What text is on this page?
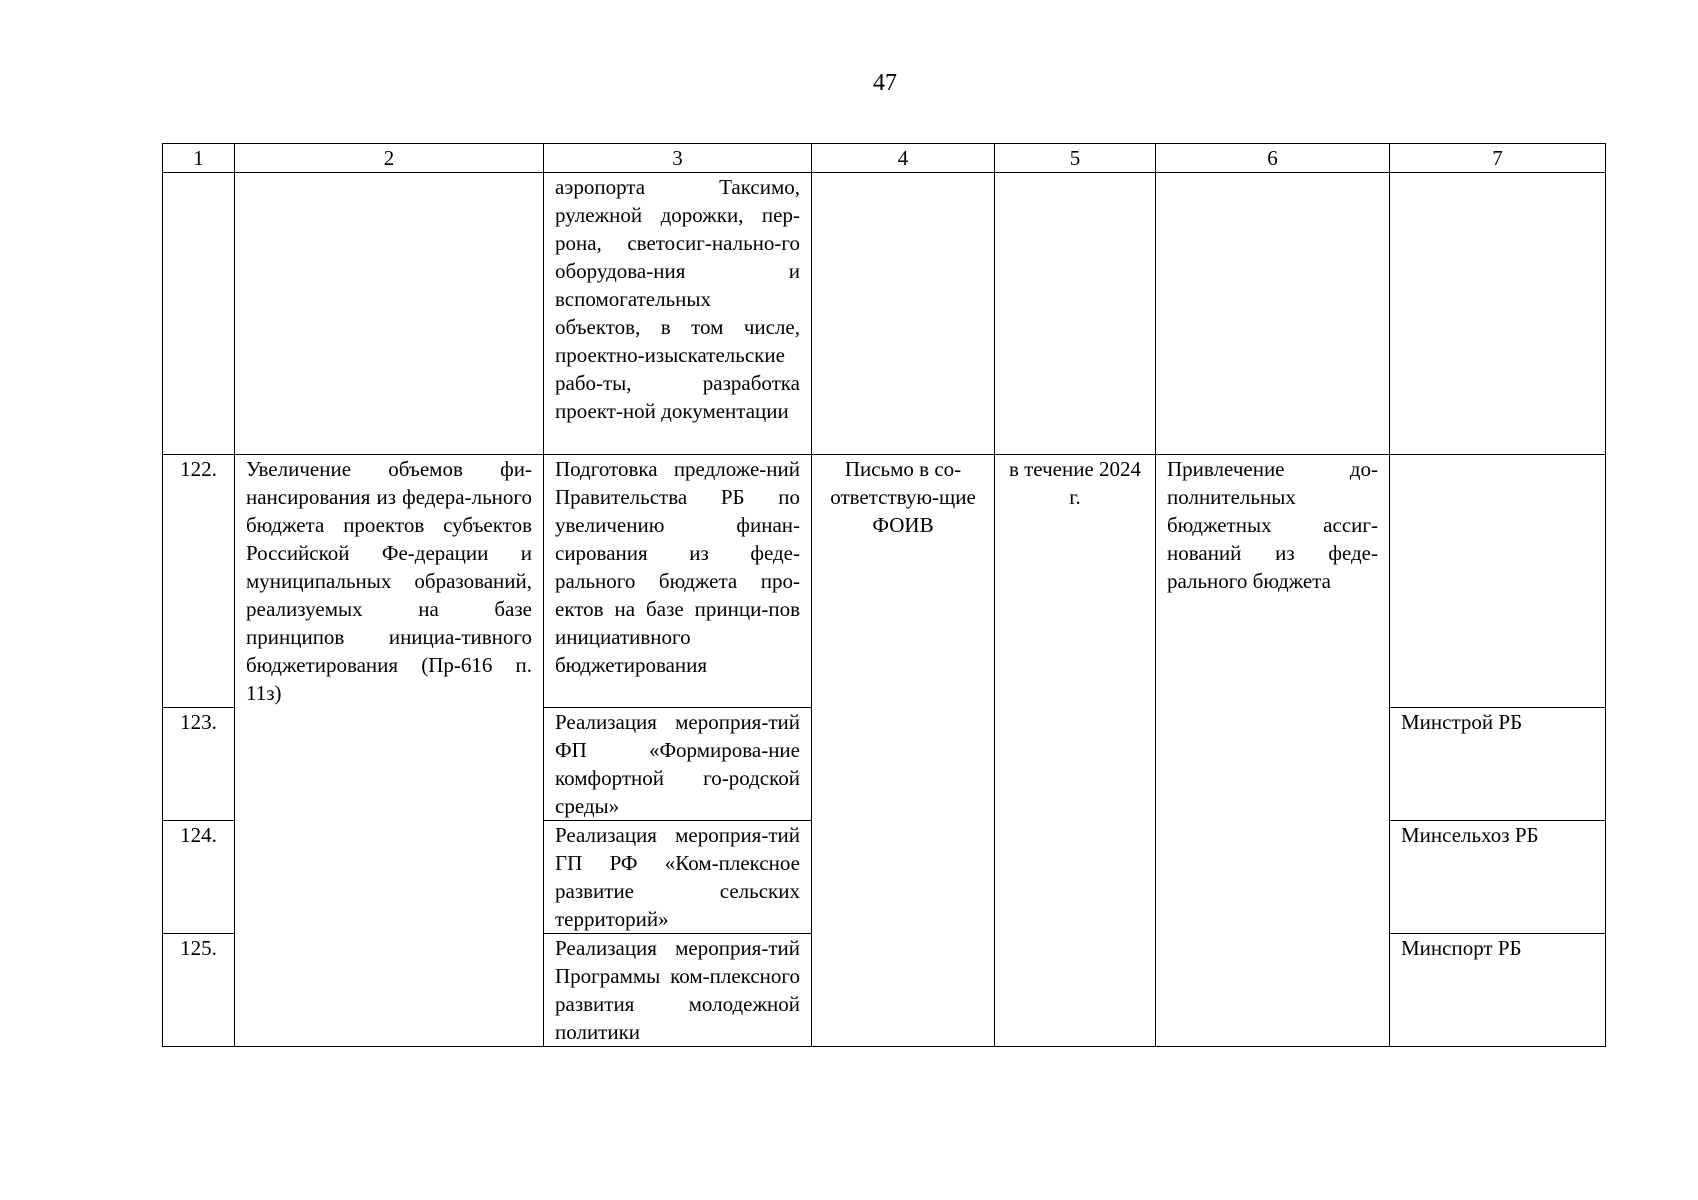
47
1	2	3	4	5	6	7
		аэропорта Таксимо, рулежной дорожки, пер-рона, светосиг-нально-го оборудова-ния и вспомогательных объектов, в том числе, проектно-изыскательские рабо-ты, разработка проект-ной документации				
122.	Увеличение объемов фи-нансирования из федера-льного бюджета проектов субъектов Российской Фе-дерации и муниципальных образований, реализуемых на базе принципов инициа-тивного бюджетирования (Пр-616 п. 11з)	Подготовка предложе-ний Правительства РБ по увеличению финан-сирования из феде-рального бюджета про-ектов на базе принци-пов инициативного бюджетирования	Письмо в со-ответствую-щие ФОИВ	в течение 2024 г.	Привлечение до-полнительных бюджетных ассиг-нований из феде-рального бюджета	
123.		Реализация мероприя-тий ФП «Формирова-ние комфортной го-родской среды»				Минстрой РБ
124.		Реализация мероприя-тий ГП РФ «Ком-плексное развитие сельских территорий»				Минсельхоз РБ
125.		Реализация мероприя-тий Программы ком-плексного развития молодежной политики				Минспорт РБ
